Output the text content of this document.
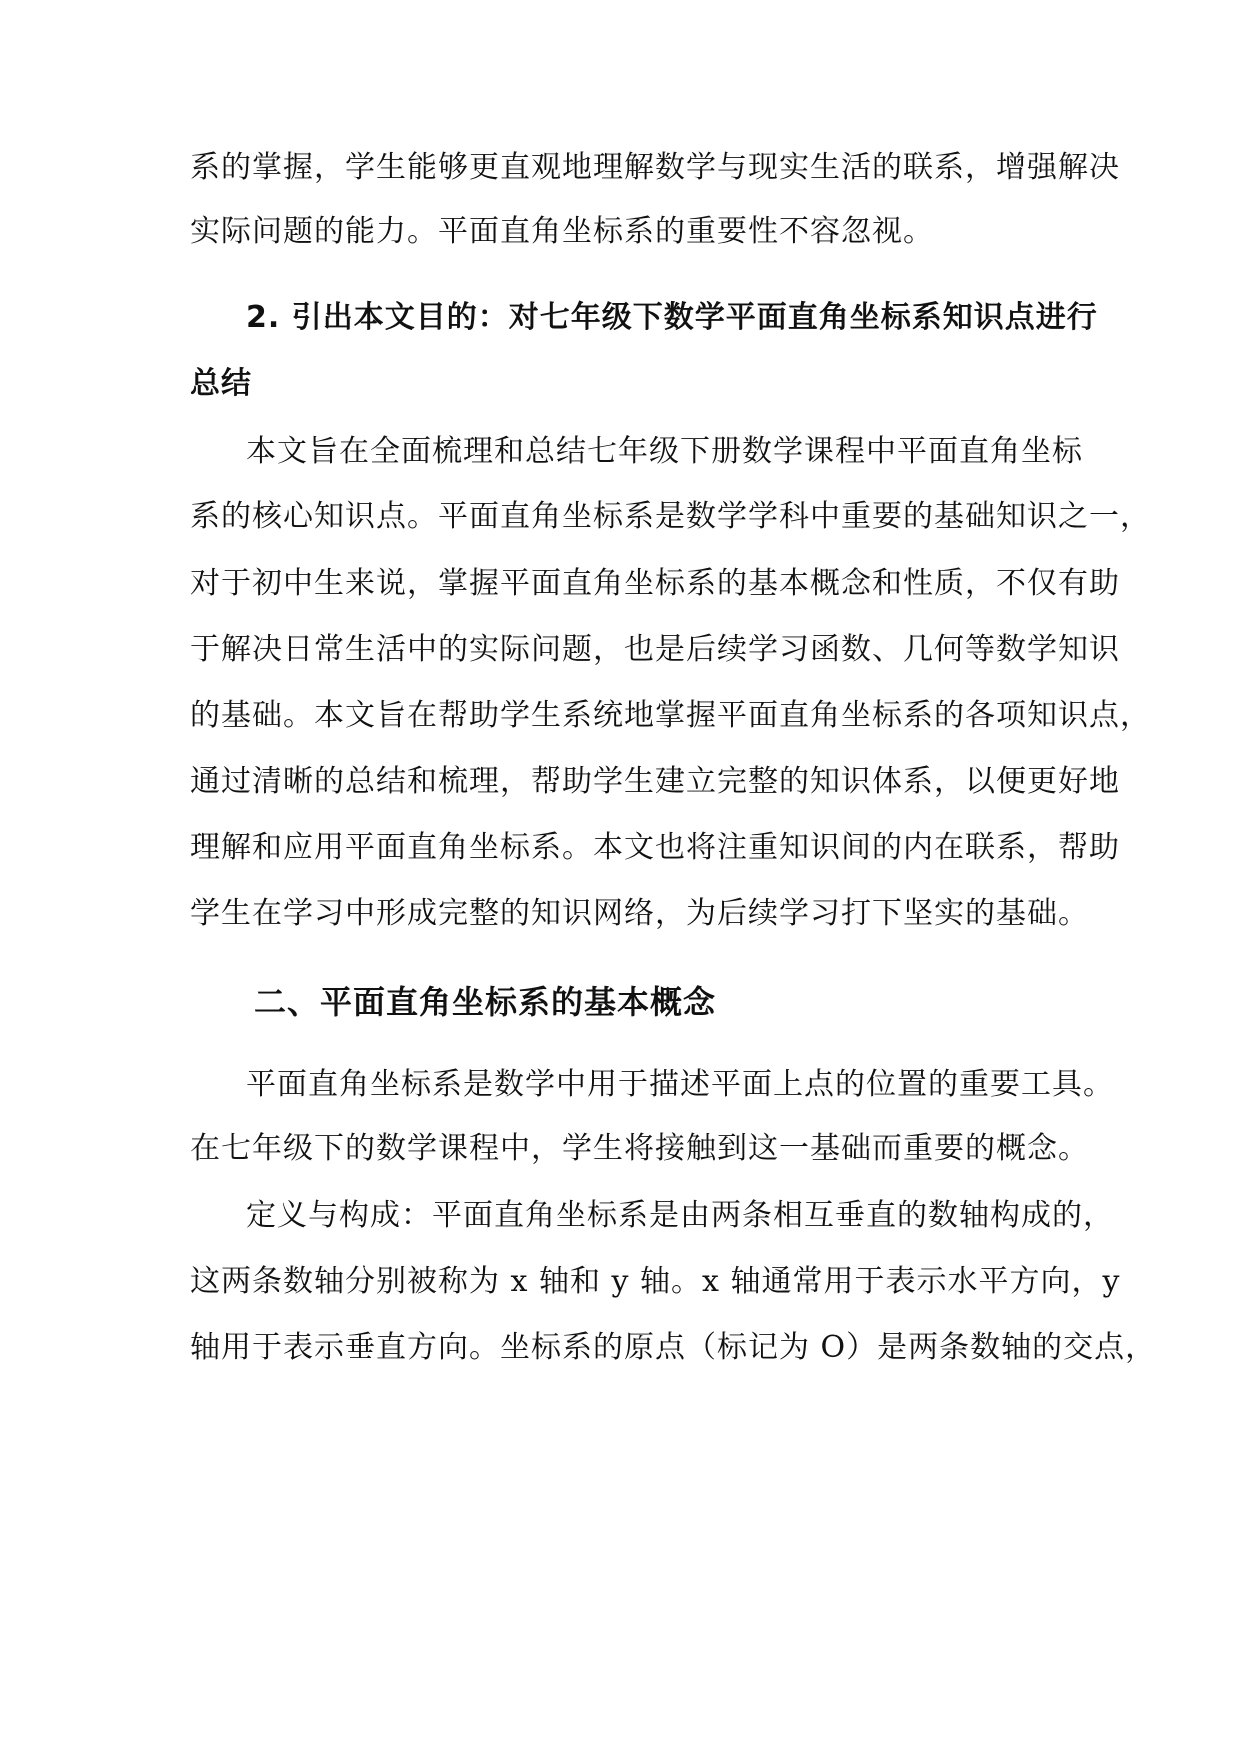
系的掌握，学生能够更直观地理解数学与现实生活的联系，增强解决
实际问题的能力。平面直角坐标系的重要性不容忽视。
2. 引出本文目的：对七年级下数学平面直角坐标系知识点进行
总结
本文旨在全面梳理和总结七年级下册数学课程中平面直角坐标
系的核心知识点。平面直角坐标系是数学学科中重要的基础知识之一，
对于初中生来说，掌握平面直角坐标系的基本概念和性质，不仅有助
于解决日常生活中的实际问题，也是后续学习函数、几何等数学知识
的基础。本文旨在帮助学生系统地掌握平面直角坐标系的各项知识点，
通过清晰的总结和梳理，帮助学生建立完整的知识体系，以便更好地
理解和应用平面直角坐标系。本文也将注重知识间的内在联系，帮助
学生在学习中形成完整的知识网络，为后续学习打下坚实的基础。
二、平面直角坐标系的基本概念
平面直角坐标系是数学中用于描述平面上点的位置的重要工具。
在七年级下的数学课程中，学生将接触到这一基础而重要的概念。
定义与构成：平面直角坐标系是由两条相互垂直的数轴构成的，
这两条数轴分别被称为 x 轴和 y 轴。x 轴通常用于表示水平方向，y
轴用于表示垂直方向。坐标系的原点（标记为 O）是两条数轴的交点，
